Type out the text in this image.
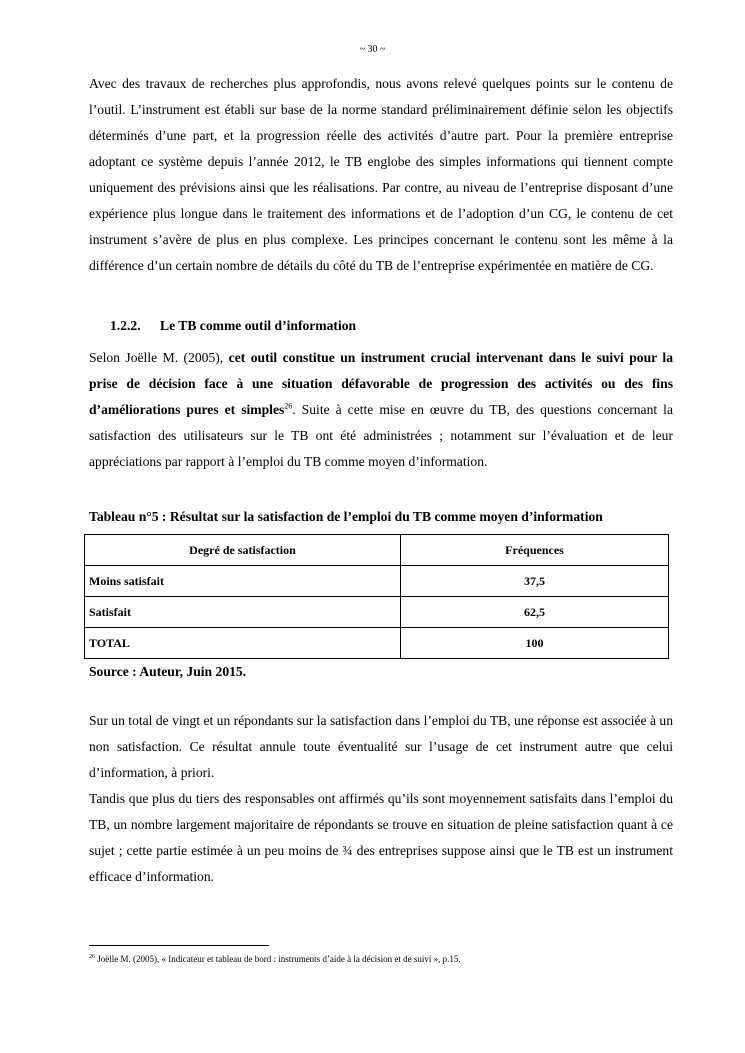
~ 30 ~

Avec des travaux de recherches plus approfondis, nous avons relevé quelques points sur le contenu de l’outil. L’instrument est établi sur base de la norme standard préliminairement définie selon les objectifs déterminés d’une part, et la progression réelle des activités d’autre part. Pour la première entreprise adoptant ce système depuis l’année 2012, le TB englobe des simples informations qui tiennent compte uniquement des prévisions ainsi que les réalisations. Par contre, au niveau de l’entreprise disposant d’une expérience plus longue dans le traitement des informations et de l’adoption d’un CG, le contenu de cet instrument s’avère de plus en plus complexe. Les principes concernant le contenu sont les même à la différence d’un certain nombre de détails du côté du TB de l’entreprise expérimentée en matière de CG.

1.2.2. Le TB comme outil d’information

Selon Joëlle M. (2005), cet outil constitue un instrument crucial intervenant dans le suivi pour la prise de décision face à une situation défavorable de progression des activités ou des fins d’améliorations pures et simples$^{26}$. Suite à cette mise en œuvre du TB, des questions concernant la satisfaction des utilisateurs sur le TB ont été administrées ; notamment sur l’évaluation et de leur appréciations par rapport à l’emploi du TB comme moyen d’information.

Tableau n°5 : Résultat sur la satisfaction de l’emploi du TB comme moyen d’information

Degré de satisfaction	Fréquences
Moins satisfait	37,5
Satisfait	62,5
TOTAL	100

Source : Auteur, Juin 2015.

Sur un total de vingt et un répondants sur la satisfaction dans l’emploi du TB, une réponse est associée à un non satisfaction. Ce résultat annule toute éventualité sur l’usage de cet instrument autre que celui d’information, à priori.

Tandis que plus du tiers des responsables ont affirmés qu’ils sont moyennement satisfaits dans l’emploi du TB, un nombre largement majoritaire de répondants se trouve en situation de pleine satisfaction quant à ce sujet ; cette partie estimée à un peu moins de ¾ des entreprises suppose ainsi que le TB est un instrument efficace d’information.

$^{26}$ Joëlle M. (2005), « Indicateur et tableau de bord : instruments d’aide à la décision et de suivi », p.15.
